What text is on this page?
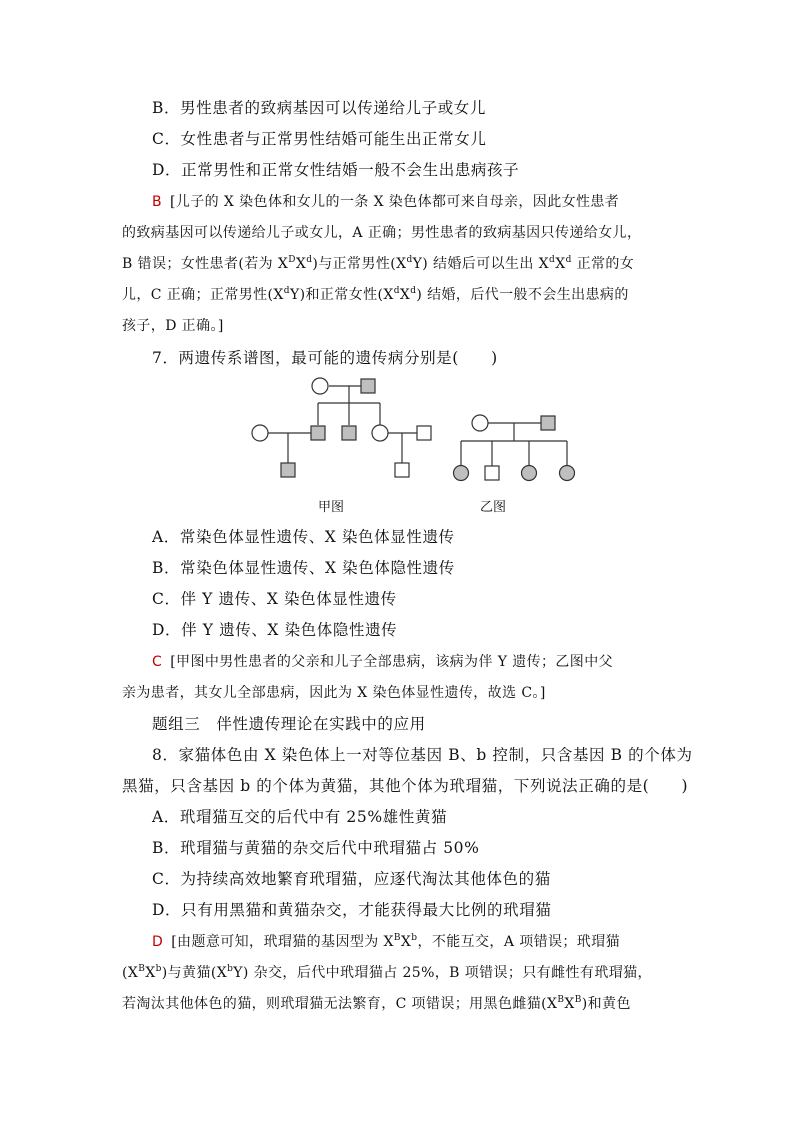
B．男性患者的致病基因可以传递给儿子或女儿
C．女性患者与正常男性结婚可能生出正常女儿
D．正常男性和正常女性结婚一般不会生出患病孩子
B [儿子的 X 染色体和女儿的一条 X 染色体都可来自母亲，因此女性患者
的致病基因可以传递给儿子或女儿，A 正确；男性患者的致病基因只传递给女儿，
B 错误；女性患者(若为 $X^DX^d$)与正常男性$(X^dY)$ 结婚后可以生出 $X^dX^d$ 正常的女
儿，C 正确；正常男性$(X^dY)$和正常女性$(X^dX^d)$ 结婚，后代一般不会生出患病的
孩子，D 正确。]
7．两遗传系谱图，最可能的遗传病分别是(　　)
甲图	乙图
A．常染色体显性遗传、X 染色体显性遗传
B．常染色体显性遗传、X 染色体隐性遗传
C．伴 Y 遗传、X 染色体显性遗传
D．伴 Y 遗传、X 染色体隐性遗传
C [甲图中男性患者的父亲和儿子全部患病，该病为伴 Y 遗传；乙图中父
亲为患者，其女儿全部患病，因此为 X 染色体显性遗传，故选 C。]
题组三　伴性遗传理论在实践中的应用
8．家猫体色由 X 染色体上一对等位基因 B、b 控制，只含基因 B 的个体为
黑猫，只含基因 b 的个体为黄猫，其他个体为玳瑁猫，下列说法正确的是(　　)
A．玳瑁猫互交的后代中有 25%雄性黄猫
B．玳瑁猫与黄猫的杂交后代中玳瑁猫占 50%
C．为持续高效地繁育玳瑁猫，应逐代淘汰其他体色的猫
D．只有用黑猫和黄猫杂交，才能获得最大比例的玳瑁猫
D [由题意可知，玳瑁猫的基因型为 $X^BX^b$，不能互交，A 项错误；玳瑁猫
$(X^BX^b)$与黄猫$(X^bY)$ 杂交，后代中玳瑁猫占 25%，B 项错误；只有雌性有玳瑁猫，
若淘汰其他体色的猫，则玳瑁猫无法繁育，C 项错误；用黑色雌猫$(X^BX^B)$和黄色
